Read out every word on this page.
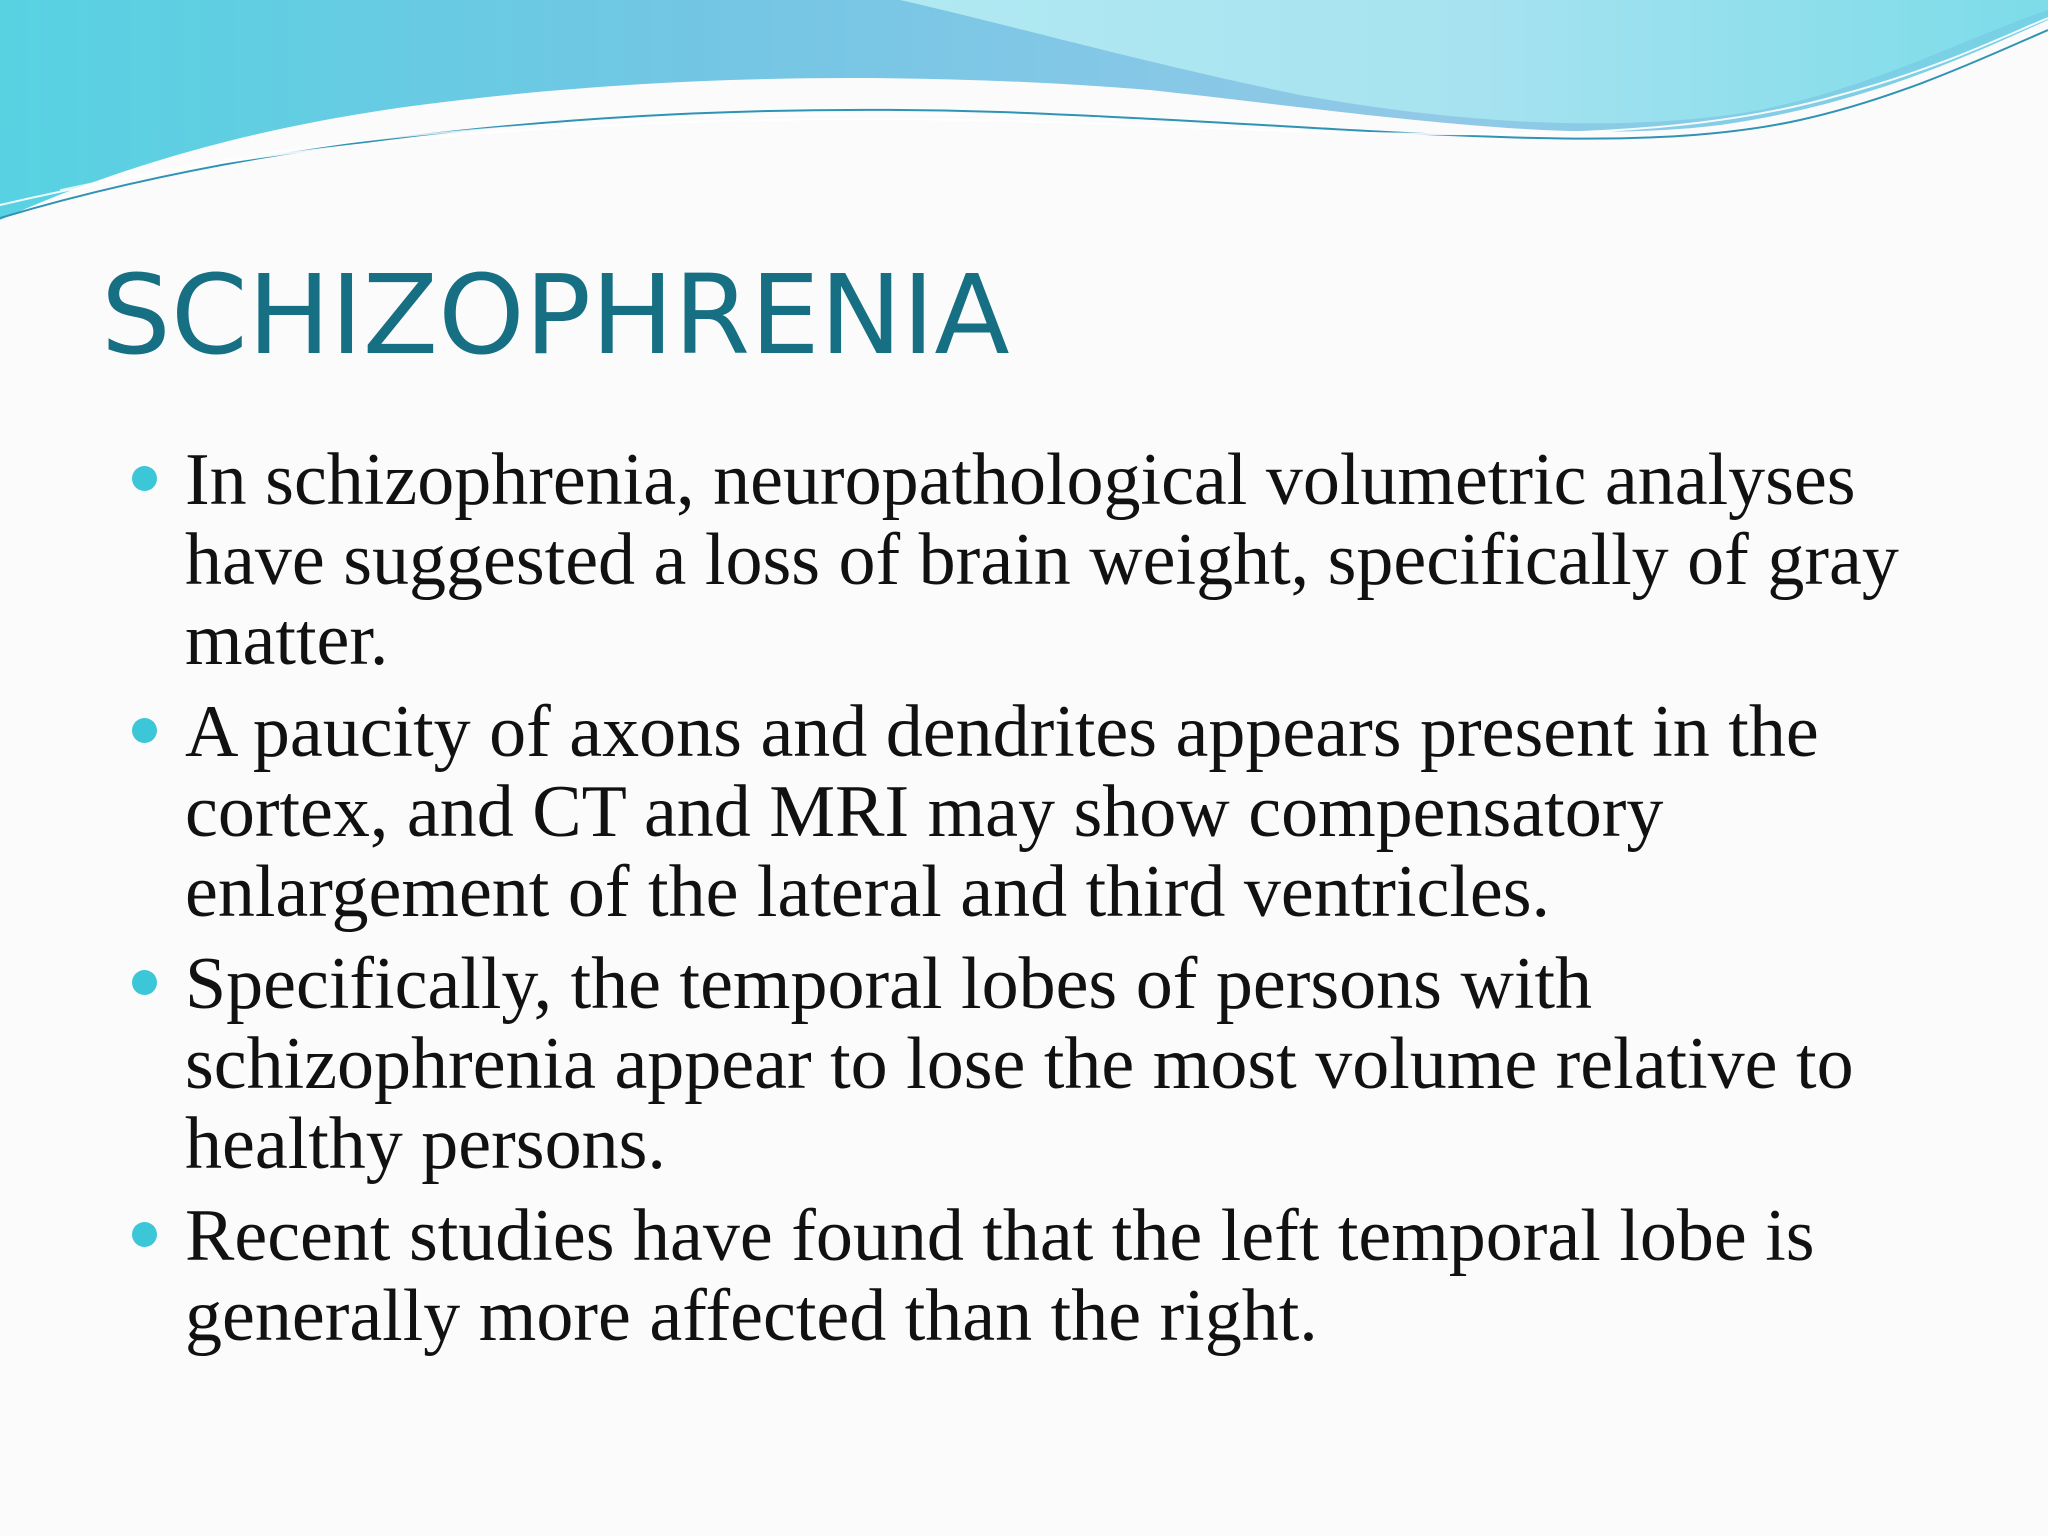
SCHIZOPHRENIA
In schizophrenia, neuropathological volumetric analyses have suggested a loss of brain weight, specifically of gray matter.
A paucity of axons and dendrites appears present in the cortex, and CT and MRI may show compensatory enlargement of the lateral and third ventricles.
Specifically, the temporal lobes of persons with schizophrenia appear to lose the most volume relative to healthy persons.
Recent studies have found that the left temporal lobe is generally more affected than the right.
